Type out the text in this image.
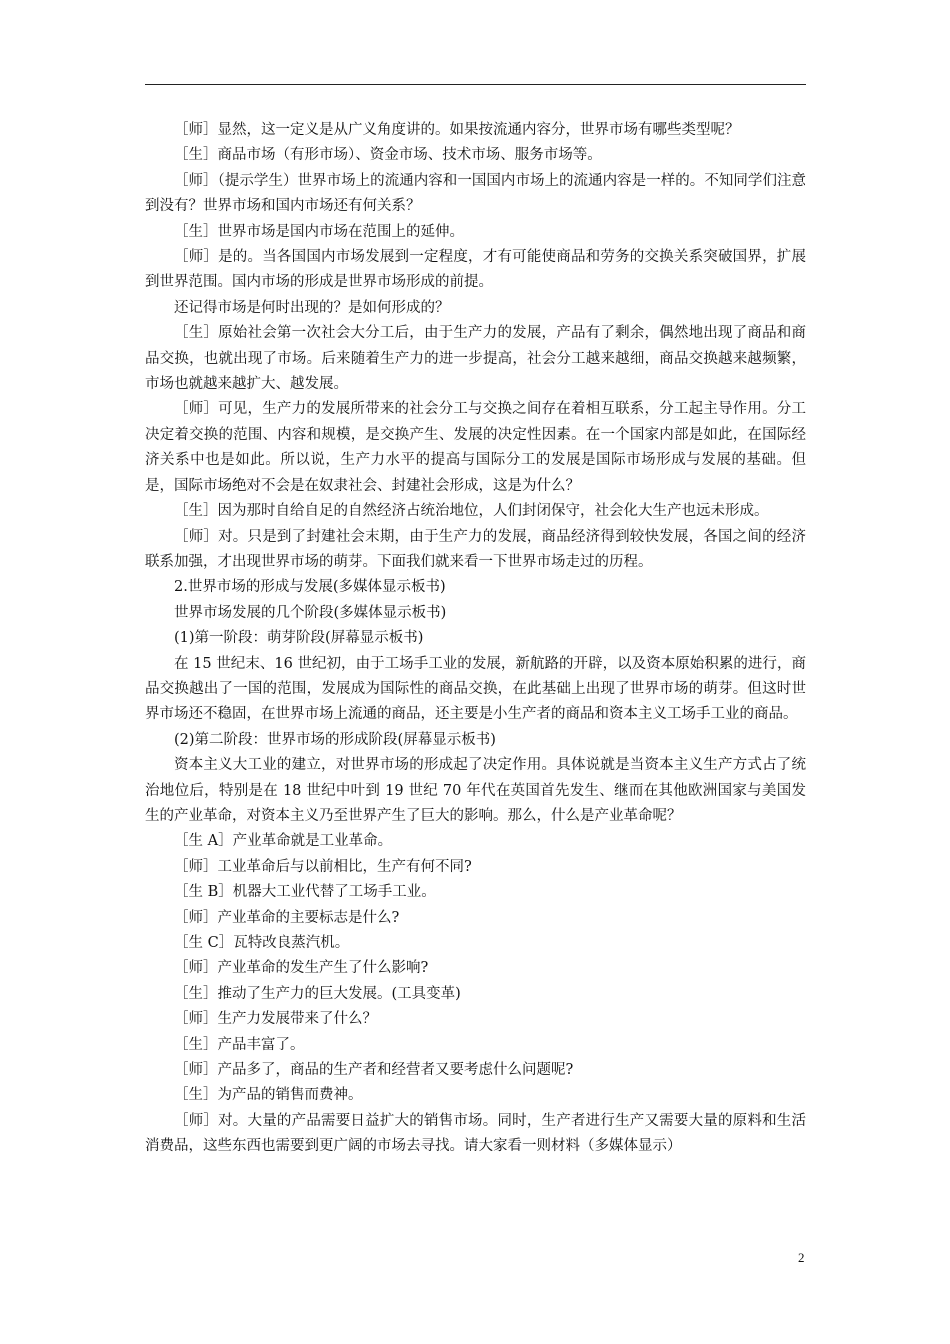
［师］显然，这一定义是从广义角度讲的。如果按流通内容分，世界市场有哪些类型呢？

［生］商品市场（有形市场）、资金市场、技术市场、服务市场等。

［师］（提示学生）世界市场上的流通内容和一国国内市场上的流通内容是一样的。不知同学们注意到没有？世界市场和国内市场还有何关系？

［生］世界市场是国内市场在范围上的延伸。

［师］是的。当各国国内市场发展到一定程度，才有可能使商品和劳务的交换关系突破国界，扩展到世界范围。国内市场的形成是世界市场形成的前提。

还记得市场是何时出现的？是如何形成的？

［生］原始社会第一次社会大分工后，由于生产力的发展，产品有了剩余，偶然地出现了商品和商品交换，也就出现了市场。后来随着生产力的进一步提高，社会分工越来越细，商品交换越来越频繁，市场也就越来越扩大、越发展。

［师］可见，生产力的发展所带来的社会分工与交换之间存在着相互联系，分工起主导作用。分工决定着交换的范围、内容和规模，是交换产生、发展的决定性因素。在一个国家内部是如此，在国际经济关系中也是如此。所以说，生产力水平的提高与国际分工的发展是国际市场形成与发展的基础。但是，国际市场绝对不会是在奴隶社会、封建社会形成，这是为什么？

［生］因为那时自给自足的自然经济占统治地位，人们封闭保守，社会化大生产也远未形成。

［师］对。只是到了封建社会末期，由于生产力的发展，商品经济得到较快发展，各国之间的经济联系加强，才出现世界市场的萌芽。下面我们就来看一下世界市场走过的历程。

2.世界市场的形成与发展(多媒体显示板书)

世界市场发展的几个阶段(多媒体显示板书)

(1)第一阶段：萌芽阶段(屏幕显示板书)

在 15 世纪末、16 世纪初，由于工场手工业的发展，新航路的开辟，以及资本原始积累的进行，商品交换越出了一国的范围，发展成为国际性的商品交换，在此基础上出现了世界市场的萌芽。但这时世界市场还不稳固，在世界市场上流通的商品，还主要是小生产者的商品和资本主义工场手工业的商品。

(2)第二阶段：世界市场的形成阶段(屏幕显示板书)

资本主义大工业的建立，对世界市场的形成起了决定作用。具体说就是当资本主义生产方式占了统治地位后，特别是在 18 世纪中叶到 19 世纪 70 年代在英国首先发生、继而在其他欧洲国家与美国发生的产业革命，对资本主义乃至世界产生了巨大的影响。那么，什么是产业革命呢？

［生 A］产业革命就是工业革命。

［师］工业革命后与以前相比，生产有何不同?

［生 B］机器大工业代替了工场手工业。

［师］产业革命的主要标志是什么?

［生 C］瓦特改良蒸汽机。

［师］产业革命的发生产生了什么影响?

［生］推动了生产力的巨大发展。(工具变革)

［师］生产力发展带来了什么？

［生］产品丰富了。

［师］产品多了，商品的生产者和经营者又要考虑什么问题呢?

［生］为产品的销售而费神。

［师］对。大量的产品需要日益扩大的销售市场。同时，生产者进行生产又需要大量的原料和生活消费品，这些东西也需要到更广阔的市场去寻找。请大家看一则材料（多媒体显示）

2
